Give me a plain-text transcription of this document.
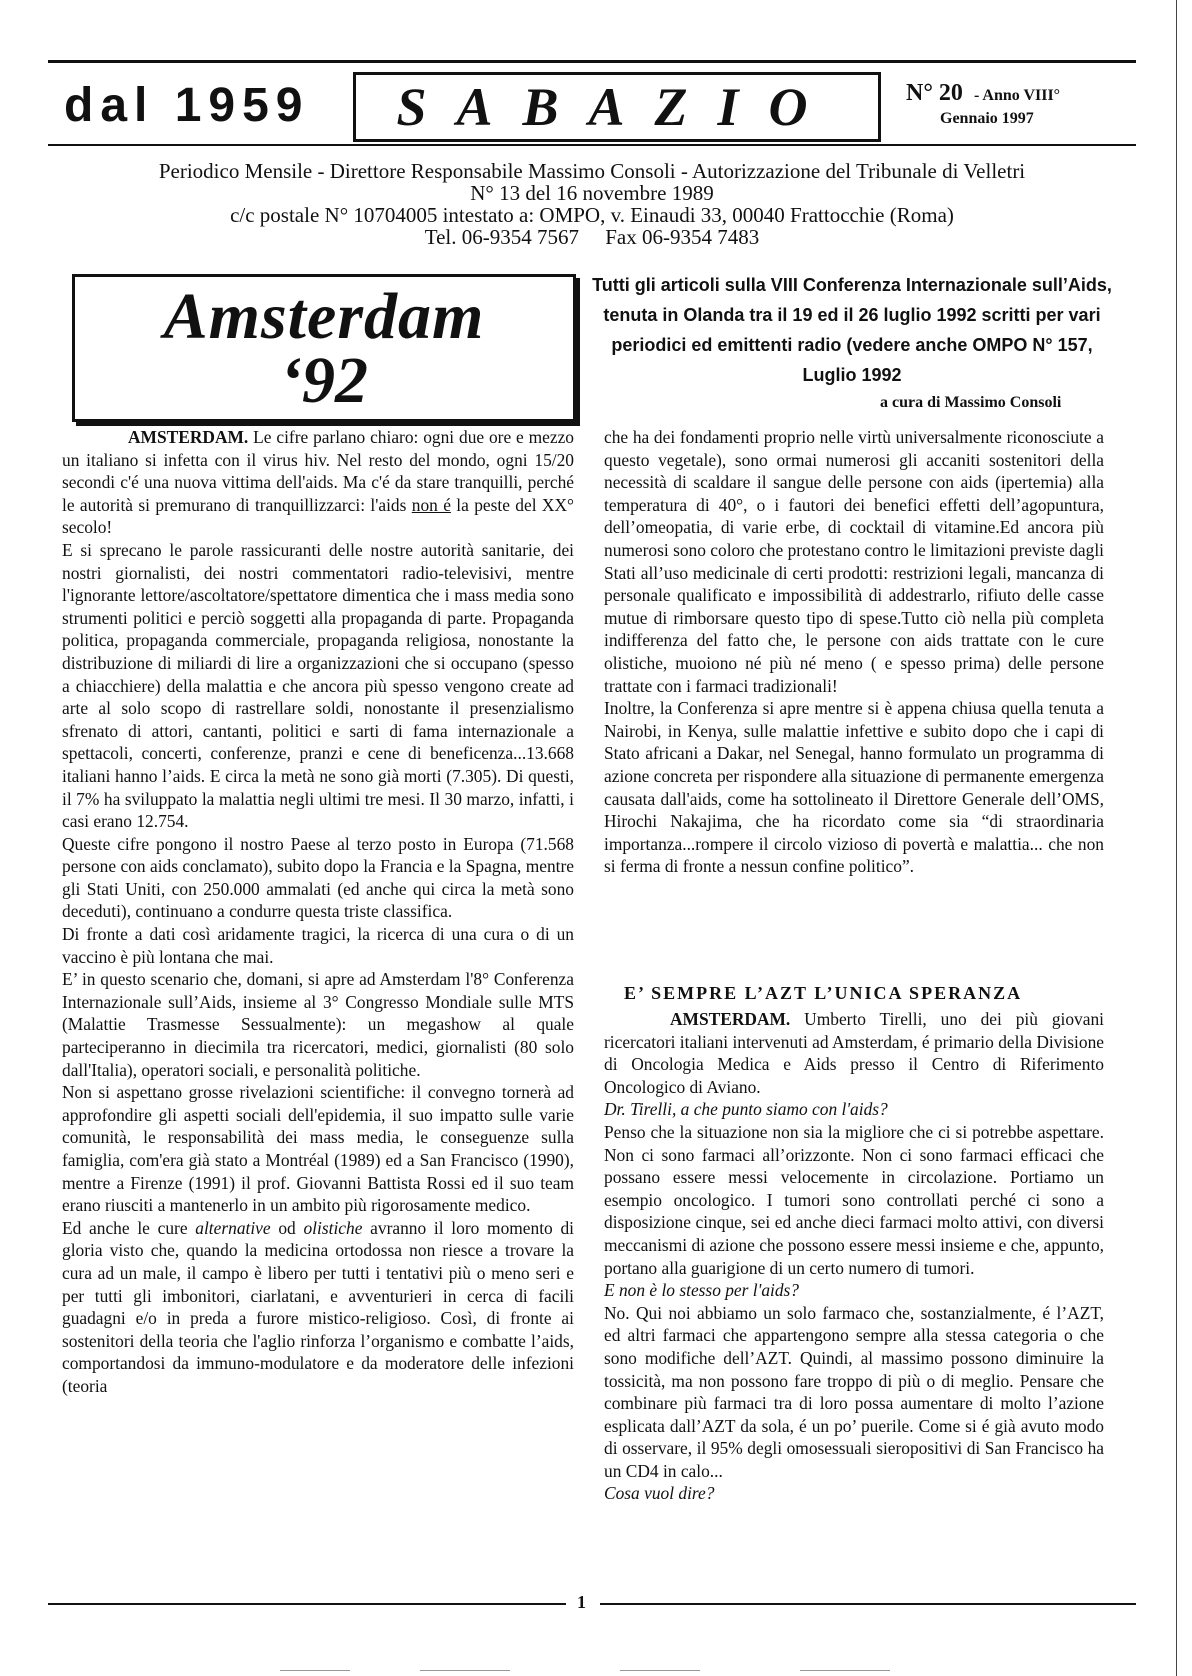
dal 1959	SABAZIO	N° 20 - Anno VIII°
Gennaio 1997
Periodico Mensile - Direttore Responsabile Massimo Consoli - Autorizzazione del Tribunale di Velletri
N° 13 del 16 novembre 1989
c/c postale N° 10704005 intestato a: OMPO, v. Einaudi 33, 00040 Frattocchie (Roma)
Tel. 06-9354 7567     Fax 06-9354 7483
Amsterdam
‘92
Tutti gli articoli sulla VIII Conferenza Internazionale sull’Aids, tenuta in Olanda tra il 19 ed il 26 luglio 1992 scritti per vari periodici ed emittenti radio (vedere anche OMPO N° 157, Luglio 1992
a cura di Massimo Consoli

AMSTERDAM. Le cifre parlano chiaro: ogni due ore e mezzo un italiano si infetta con il virus hiv. Nel resto del mondo, ogni 15/20 secondi c'é una nuova vittima dell'aids. Ma c'é da stare tranquilli, perché le autorità si premurano di tranquillizzarci: l'aids non é la peste del XX° secolo!

E si sprecano le parole rassicuranti delle nostre autorità sanitarie, dei nostri giornalisti, dei nostri commentatori radio-televisivi, mentre l'ignorante lettore/ascoltatore/spettatore dimentica che i mass media sono strumenti politici e perciò soggetti alla propaganda di parte. Propaganda politica, propaganda commerciale, propaganda religiosa, nonostante la distribuzione di miliardi di lire a organizzazioni che si occupano (spesso a chiacchiere) della malattia e che ancora più spesso vengono create ad arte al solo scopo di rastrellare soldi, nonostante il presenzialismo sfrenato di attori, cantanti, politici e sarti di fama internazionale a spettacoli, concerti, conferenze, pranzi e cene di beneficenza...13.668 italiani hanno l’aids. E circa la metà ne sono già morti (7.305). Di questi, il 7% ha sviluppato la malattia negli ultimi tre mesi. Il 30 marzo, infatti, i casi erano 12.754.

Queste cifre pongono il nostro Paese al terzo posto in Europa (71.568 persone con aids conclamato), subito dopo la Francia e la Spagna, mentre gli Stati Uniti, con 250.000 ammalati (ed anche qui circa la metà sono deceduti), continuano a condurre questa triste classifica.

Di fronte a dati così aridamente tragici, la ricerca di una cura o di un vaccino è più lontana che mai.

E’ in questo scenario che, domani, si apre ad Amsterdam l'8° Conferenza Internazionale sull’Aids, insieme al 3° Congresso Mondiale sulle MTS (Malattie Trasmesse Sessualmente): un megashow al quale parteciperanno in diecimila tra ricercatori, medici, giornalisti (80 solo dall'Italia), operatori sociali, e personalità politiche.

Non si aspettano grosse rivelazioni scientifiche: il convegno tornerà ad approfondire gli aspetti sociali dell'epidemia, il suo impatto sulle varie comunità, le responsabilità dei mass media, le conseguenze sulla famiglia, com'era già stato a Montréal (1989) ed a San Francisco (1990), mentre a Firenze (1991) il prof. Giovanni Battista Rossi ed il suo team erano riusciti a mantenerlo in un ambito più rigorosamente medico.

Ed anche le cure alternative od olistiche avranno il loro momento di gloria visto che, quando la medicina ortodossa non riesce a trovare la cura ad un male, il campo è libero per tutti i tentativi più o meno seri e per tutti gli imbonitori, ciarlatani, e avventurieri in cerca di facili guadagni e/o in preda a furore mistico-religioso. Così, di fronte ai sostenitori della teoria che l'aglio rinforza l’organismo e combatte l’aids, comportandosi da immuno-modulatore e da moderatore delle infezioni (teoria

che ha dei fondamenti proprio nelle virtù universalmente riconosciute a questo vegetale), sono ormai numerosi gli accaniti sostenitori della necessità di scaldare il sangue delle persone con aids (ipertemia) alla temperatura di 40°, o i fautori dei benefici effetti dell’agopuntura, dell’omeopatia, di varie erbe, di cocktail di vitamine.Ed ancora più numerosi sono coloro che protestano contro le limitazioni previste dagli Stati all’uso medicinale di certi prodotti: restrizioni legali, mancanza di personale qualificato e impossibilità di addestrarlo, rifiuto delle casse mutue di rimborsare questo tipo di spese.Tutto ciò nella più completa indifferenza del fatto che, le persone con aids trattate con le cure olistiche, muoiono né più né meno ( e spesso prima) delle persone trattate con i farmaci tradizionali!

Inoltre, la Conferenza si apre mentre si è appena chiusa quella tenuta a Nairobi, in Kenya, sulle malattie infettive e subito dopo che i capi di Stato africani a Dakar, nel Senegal, hanno formulato un programma di azione concreta per rispondere alla situazione di permanente emergenza causata dall'aids, come ha sottolineato il Direttore Generale dell’OMS, Hirochi Nakajima, che ha ricordato come sia “di straordinaria importanza...rompere il circolo vizioso di povertà e malattia... che non si ferma di fronte a nessun confine politico”.

E’ SEMPRE L’AZT L’UNICA SPERANZA

AMSTERDAM. Umberto Tirelli, uno dei più giovani ricercatori italiani intervenuti ad Amsterdam, é primario della Divisione di Oncologia Medica e Aids presso il Centro di Riferimento Oncologico di Aviano.

Dr. Tirelli, a che punto siamo con l'aids?

Penso che la situazione non sia la migliore che ci si potrebbe aspettare. Non ci sono farmaci all’orizzonte. Non ci sono farmaci efficaci che possano essere messi velocemente in circolazione. Portiamo un esempio oncologico. I tumori sono controllati perché ci sono a disposizione cinque, sei ed anche dieci farmaci molto attivi, con diversi meccanismi di azione che possono essere messi insieme e che, appunto, portano alla guarigione di un certo numero di tumori.

E non è lo stesso per l'aids?

No. Qui noi abbiamo un solo farmaco che, sostanzialmente, é l’AZT, ed altri farmaci che appartengono sempre alla stessa categoria o che sono modifiche dell’AZT. Quindi, al massimo possono diminuire la tossicità, ma non possono fare troppo di più o di meglio. Pensare che combinare più farmaci tra di loro possa aumentare di molto l’azione esplicata dall’AZT da sola, é un po’ puerile. Come si é già avuto modo di osservare, il 95% degli omosessuali sieropositivi di San Francisco ha un CD4 in calo...

Cosa vuol dire?

1
